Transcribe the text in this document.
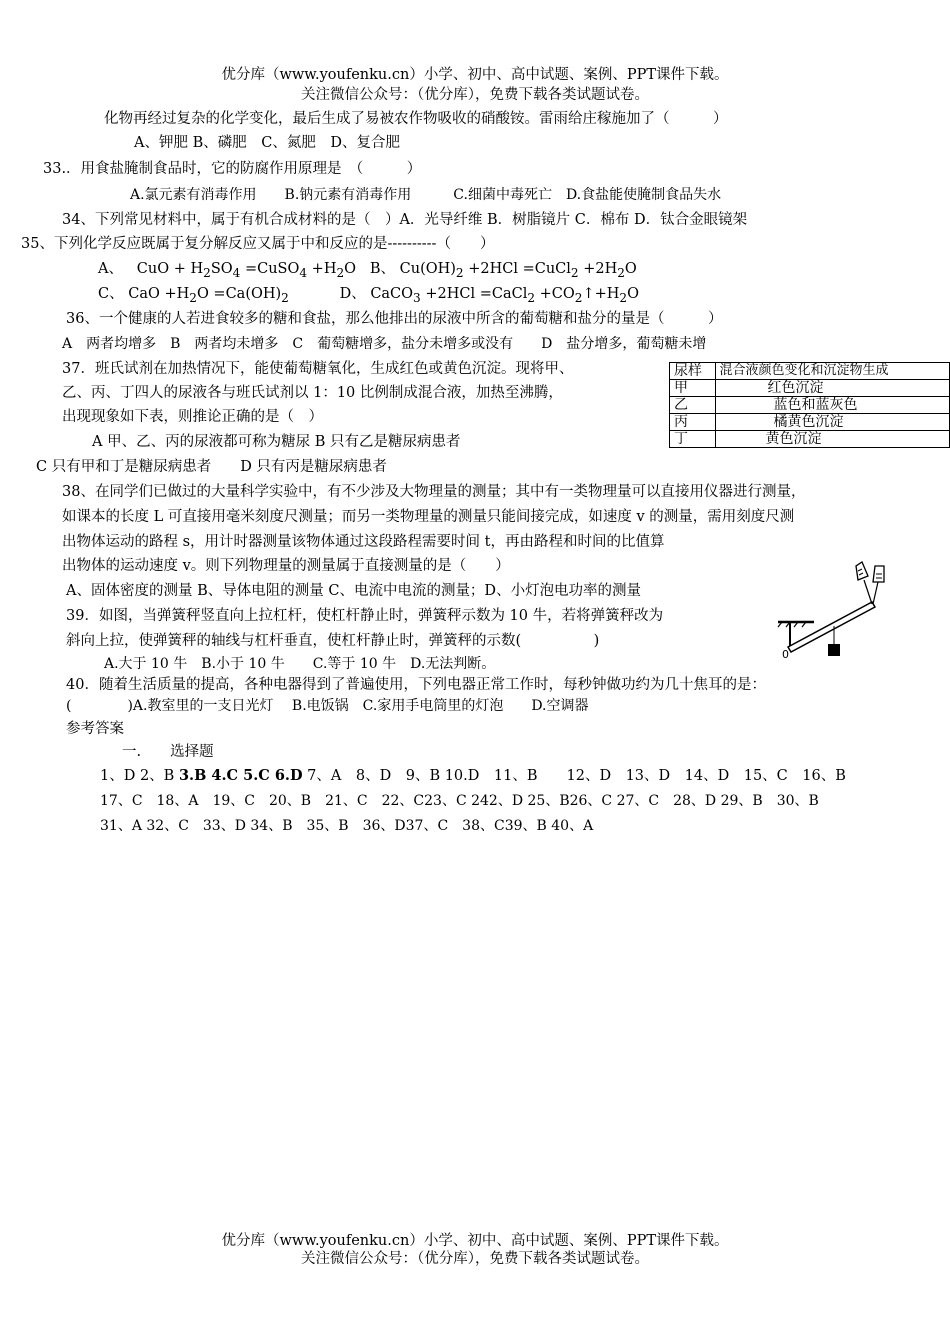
优分库（www.youfenku.cn）小学、初中、高中试题、案例、PPT课件下载。
关注微信公众号：（优分库），免费下载各类试题试卷。
化物再经过复杂的化学变化，最后生成了易被农作物吸收的硝酸铵。雷雨给庄稼施加了（　　　）
A、钾肥 B、磷肥　C、氮肥　D、复合肥
33.．用食盐腌制食品时，它的防腐作用原理是　（　　　）
A.氯元素有消毒作用　　B.钠元素有消毒作用　　　C.细菌中毒死亡　D.食盐能使腌制食品失水
34、下列常见材料中，属于有机合成材料的是（　）A．光导纤维 B．树脂镜片 C．棉布 D．钛合金眼镜架
35、下列化学反应既属于复分解反应又属于中和反应的是----------（　　）
A、   CuO + $H_2SO_4$ =CuSO$_4$ $+H_2O$   B、 $Cu(OH)_2 +2HCl$ =CuCl$_2$ $+2H_2O$
C、 CaO $+H_2O =Ca(OH)_2$	D、 CaCO$_3$ +2HCl =CaCl$_2$ $+CO_2↑+H_2O$
36、一个健康的人若进食较多的糖和食盐，那么他排出的尿液中所含的葡萄糖和盐分的量是（　　　）
A　两者均增多　B　两者均未增多　C　葡萄糖增多，盐分未增多或没有　　D　盐分增多，葡萄糖未增
37．班氏试剂在加热情况下，能使葡萄糖氧化，生成红色或黄色沉淀。现将甲、
乙、丙、丁四人的尿液各与班氏试剂以 1：10 比例制成混合液，加热至沸腾，
出现现象如下表，则推论正确的是（　）
A 甲、乙、丙的尿液都可称为糖尿 B 只有乙是糖尿病患者
C 只有甲和丁是糖尿病患者　　D 只有丙是糖尿病患者
尿样	混合液颜色变化和沉淀物生成
甲	红色沉淀
乙	蓝色和蓝灰色
丙	橘黄色沉淀
丁	黄色沉淀
38、在同学们已做过的大量科学实验中，有不少涉及大物理量的测量；其中有一类物理量可以直接用仪器进行测量，
如课本的长度 L 可直接用毫米刻度尺测量；而另一类物理量的测量只能间接完成，如速度 v 的测量，需用刻度尺测
出物体运动的路程 s，用计时器测量该物体通过这段路程需要时间 t，再由路程和时间的比值算
出物体的运动速度 v。则下列物理量的测量属于直接测量的是（　　）
A、固体密度的测量 B、导体电阻的测量 C、电流中电流的测量；D、小灯泡电功率的测量
39．如图，当弹簧秤竖直向上拉杠杆，使杠杆静止时，弹簧秤示数为 10 牛，若将弹簧秤改为
斜向上拉，使弹簧秤的轴线与杠杆垂直，使杠杆静止时，弹簧秤的示数(　　　　　)
A.大于 10 牛　B.小于 10 牛　　C.等于 10 牛　D.无法判断。
0
40．随着生活质量的提高，各种电器得到了普遍使用，下列电器正常工作时，每秒钟做功约为几十焦耳的是：
(　　　　)A.教室里的一支日光灯　 B.电饭锅　C.家用手电筒里的灯泡　　D.空调器
参考答案
一.　　选择题
1、D 2、B 3.B 4.C 5.C 6.D 7、A　8、D　9、B 10.D　11、B　　12、D　13、D　14、D　15、C　16、B
17、C　18、A　19、C　20、B　21、C　22、C23、C 242、D 25、B26、C 27、C　28、D 29、B　30、B
31、A 32、C　33、D 34、B　35、B　36、D37、C　38、C39、B 40、A
优分库（www.youfenku.cn）小学、初中、高中试题、案例、PPT课件下载。
关注微信公众号：（优分库），免费下载各类试题试卷。
